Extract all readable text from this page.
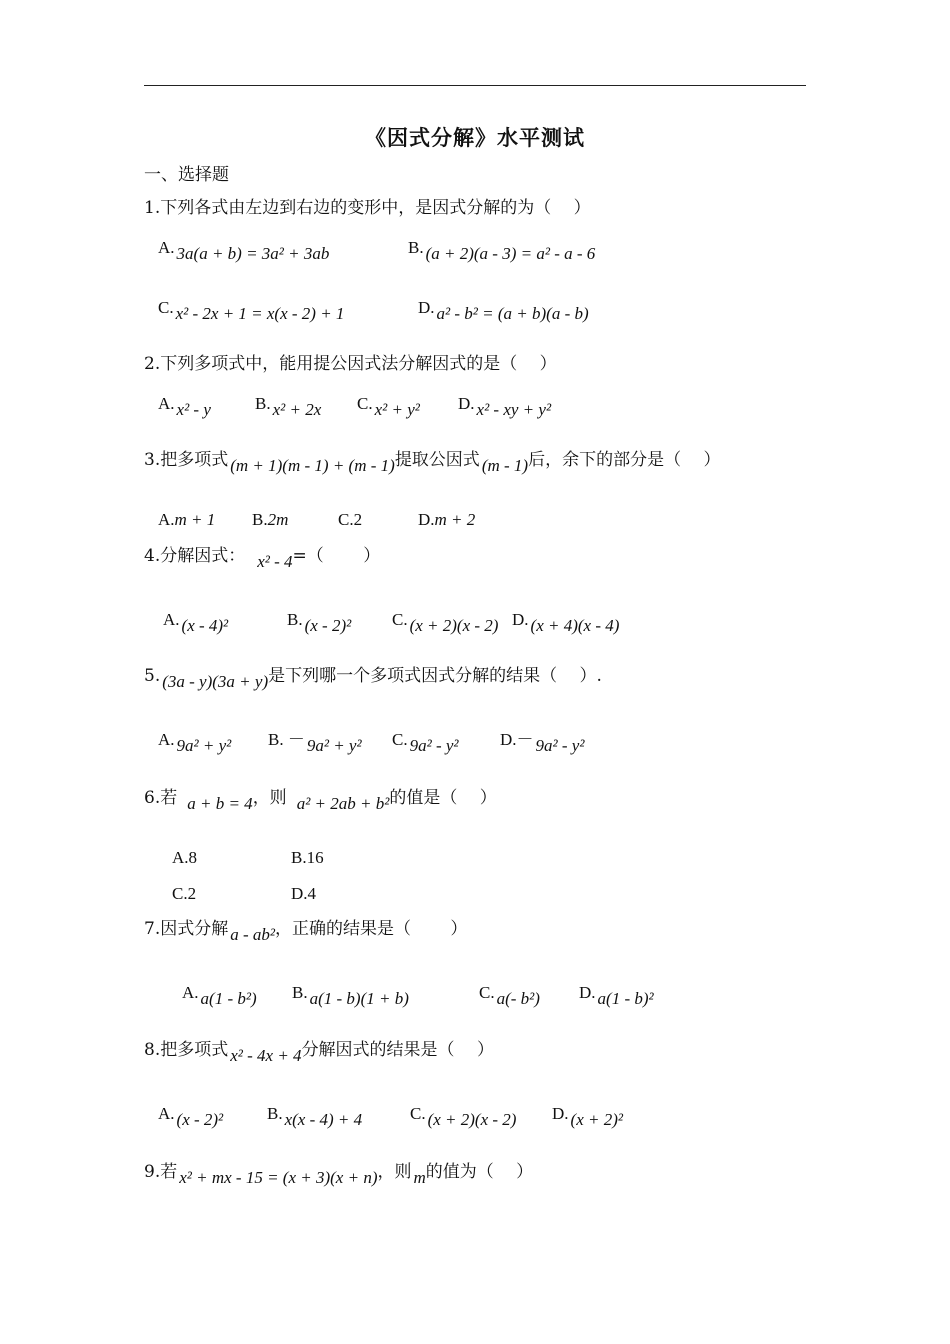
《因式分解》水平测试
一、选择题
1.下列各式由左边到右边的变形中，是因式分解的为（　 ）
A. 3a(a + b) = 3a² + 3ab	B. (a + 2)(a - 3) = a² - a - 6
C. x² - 2x + 1 = x(x - 2) + 1	D. a² - b² = (a + b)(a - b)
2.下列多项式中，能用提公因式法分解因式的是（　 ）
A. x² - y	B. x² + 2x C. x² + y² D. x² - xy + y²
3.把多项式 (m + 1)(m - 1) + (m - 1)提取公因式 (m - 1)后，余下的部分是（　 ）
A.m + 1 B.2m	C.2	D.m + 2
4.分解因式： x² - 4=（　　 ）
A. (x - 4)²	B. (x - 2)² C. (x + 2)(x - 2) D. (x + 4)(x - 4)
5. (3a - y)(3a + y)是下列哪一个多项式因式分解的结果（　 ）.
A. 9a² + y² B. － 9a² + y² C. 9a² - y² D.－ 9a² - y²
6.若 a + b = 4，则 a² + 2ab + b²的值是（　 ）
A.8	B.16
C.2	D.4
7.因式分解 a - ab²，正确的结果是（　　 ）
A. a(1 - b²) B. a(1 - b)(1 + b)	C. a(- b²) D. a(1 - b)²
8.把多项式 x² - 4x + 4分解因式的结果是（　 ）
A. (x - 2)²	B. x(x - 4) + 4	C. (x + 2)(x - 2) D. (x + 2)²
9.若 x² + mx - 15 = (x + 3)(x + n)，则 m的值为（　 ）
